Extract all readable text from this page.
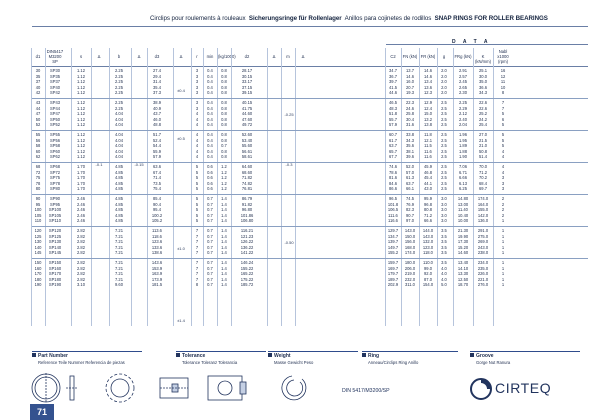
Circlips pour roulements à rouleaux Sicherungsringe für Rollenlager Anillos para cojinetes de rodillos SNAP RINGS FOR ROLLER BEARINGS
D A T A
d1
DIN5417
M3200
SP
s	Δ	b	Δ	d3	Δ	r	min	(kg/1000)	d2	Δ	m	Δ	C2	FN (kN) FR (kN)	g	FRg (kN)	K (kN/mm)
Nabl
x1000
(rpm)
30	SP30	1.12	2.25	27.4	3	0.4	0.8	28.17	34.7	13.7	14.6	2.0	2.91	25.1	16
35	SP35	1.12	2.25	29.4	3	0.4	0.8	30.15	36.7	14.6	14.6	2.0	2.57	30.0	12
37	SP37	1.12	2.25	31.4	3	0.4	0.8	33.17	39.7	16.0	13.4	2.0	2.45	35.0	11
40	SP40	1.12	2.25	35.4	3	0.4	0.8	37.15	41.5	20.7	13.6	2.0	2.65	36.6	10
42	SP42	1.12	2.25	37.3	3	0.4	0.8	39.15	44.6	19.3	12.3	2.0	2.30	34.3	8
43	SP43	1.12	2.25	38.9	3	0.4	0.8	40.15	46.5	22.3	12.9	2.5	2.25	22.6	7
44	SP44	1.12	2.25	40.9	3	0.4	0.8	41.75	48.3	24.6	12.4	2.5	2.29	22.6	7
47	SP47	1.12	4.04	43.7	4	0.4	0.8	44.60	51.8	25.8	15.0	2.5	2.12	25.2	5
50	SP50	1.12	4.04	46.0	4	0.4	0.8	47.60	55.7	30.4	13.2	2.5	2.40	24.2	6
52	SP52	1.12	4.04	48.8	4	0.4	0.8	49.72	57.9	31.6	13.8	2.5	2.04	25.4	5
55	SP55	1.12	4.04	51.7	4	0.4	0.8	52.60	60.7	33.8	11.8	2.5	1.96	27.0	5
56	SP56	1.12	4.04	52.4	4	0.4	0.8	53.40	61.7	34.3	12.1	2.5	1.95	21.5	5
58	SP58	1.12	4.04	54.4	4	0.4	0.7	55.60	63.7	35.6	11.5	2.5	1.89	21.0	5
60	SP60	1.12	4.04	55.9	4	0.4	0.8	56.61	65.7	38.1	11.6	2.5	1.88	50.8	4
62	SP62	1.12	4.04	57.9	4	0.4	0.8	58.61	67.7	39.6	11.6	2.5	1.90	51.4	4
68	SP68	1.70	4.85	63.6	5	0.6	1.2	64.60	74.6	52.0	45.9	2.5	7.06	70.0	4
72	SP72	1.70	4.85	67.4	5	0.6	1.2	68.60	78.6	57.0	46.8	2.5	6.71	71.2	4
75	SP75	1.70	4.85	71.4	5	0.6	1.2	71.82	81.6	61.3	45.4	2.5	6.66	70.2	3
78	SP78	1.70	4.85	73.5	5	0.6	1.2	74.82	84.6	63.7	44.1	2.5	6.13	68.4	3
80	SP80	1.70	4.85	75.4	5	0.6	1.2	76.81	86.6	66.1	43.0	2.5	6.25	69.7	3
90	SP90	2.46	4.85	85.4	5	0.7	1.4	86.79	96.5	74.5	95.9	3.0	14.80	174.0	2
95	SP95	2.46	4.85	90.4	5	0.7	1.4	91.82	101.8	76.9	96.8	3.0	13.00	164.0	2
100	SP100	2.46	4.85	95.4	5	0.7	1.4	96.80	106.5	82.3	80.8	3.0	11.40	155.0	2
105	SP105	2.46	4.85	100.2	5	0.7	1.4	101.86	111.6	90.7	71.2	3.0	10.40	142.0	2
110	SP110	2.46	4.85	105.2	5	0.7	1.4	106.80	116.6	97.0	66.6	3.0	10.00	136.0	1
120	SP120	2.82	7.21	113.6	7	0.7	1.4	116.21	129.7	143.0	144.0	3.5	21.30	291.0	1
125	SP125	2.82	7.21	118.6	7	0.7	1.4	121.23	134.7	150.0	143.0	3.5	19.90	275.0	1
130	SP130	2.82	7.21	123.6	7	0.7	1.4	126.22	139.7	156.0	132.0	3.5	17.30	269.0	1
140	SP140	2.82	7.21	133.6	7	0.7	1.4	136.22	149.7	168.0	123.0	3.5	15.20	243.0	1
145	SP145	2.82	7.21	138.6	7	0.7	1.4	141.22	155.2	174.0	118.0	3.5	14.60	238.0	1
150	SP150	2.82	7.21	143.6	7	0.7	1.4	146.24	159.7	180.0	110.0	3.5	13.40	234.0	1
160	SP160	2.82	7.21	153.9	7	0.7	1.4	155.22	169.7	206.0	99.0	4.0	14.10	235.0	1
170	SP170	2.82	7.21	163.9	7	0.7	1.4	165.22	179.7	219.0	92.0	4.0	13.30	226.0	1
180	SP180	2.82	7.21	173.9	7	0.7	1.4	175.22	189.7	232.0	87.0	4.0	12.50	221.0	1
190	SP190	3.10	9.60	181.5	8	0.7	1.4	185.72	202.9	311.0	154.0	5.0	18.70	276.0	1
-0.1	-0.15
±0.4
±0.5
±1.0
±1.4
-0.25
-0.3
-0.50
Part Number
Reference Teile Nummer Referencia de piezas
Tolerance
Tolerance Toleranz Tolerancia
Weight
Masse Gewicht Peso
Ring
Anneau/Circlips Ring Anillo
Groove
Gorge Nut Ranura
DIN 5417/M3200/SP	CIRTEQ
71
